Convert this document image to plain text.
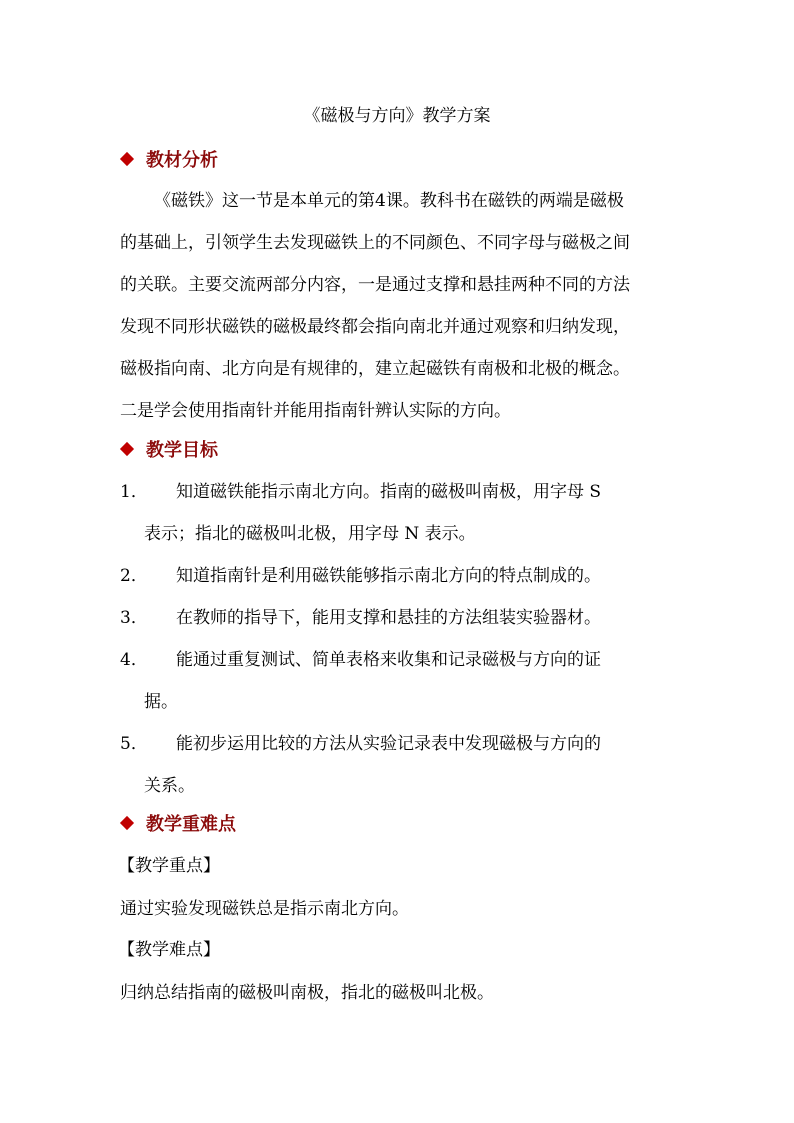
《磁极与方向》教学方案
教材分析
《磁铁》这一节是本单元的第4课。教科书在磁铁的两端是磁极
的基础上，引领学生去发现磁铁上的不同颜色、不同字母与磁极之间
的关联。主要交流两部分内容，一是通过支撑和悬挂两种不同的方法
发现不同形状磁铁的磁极最终都会指向南北并通过观察和归纳发现，
磁极指向南、北方向是有规律的，建立起磁铁有南极和北极的概念。
二是学会使用指南针并能用指南针辨认实际的方向。
教学目标
1．	知道磁铁能指示南北方向。指南的磁极叫南极，用字母 S
表示；指北的磁极叫北极，用字母 N 表示。
2．	知道指南针是利用磁铁能够指示南北方向的特点制成的。
3．	在教师的指导下，能用支撑和悬挂的方法组装实验器材。
4．	能通过重复测试、简单表格来收集和记录磁极与方向的证
据。
5．	能初步运用比较的方法从实验记录表中发现磁极与方向的
关系。
教学重难点
【教学重点】
通过实验发现磁铁总是指示南北方向。
【教学难点】
归纳总结指南的磁极叫南极，指北的磁极叫北极。
